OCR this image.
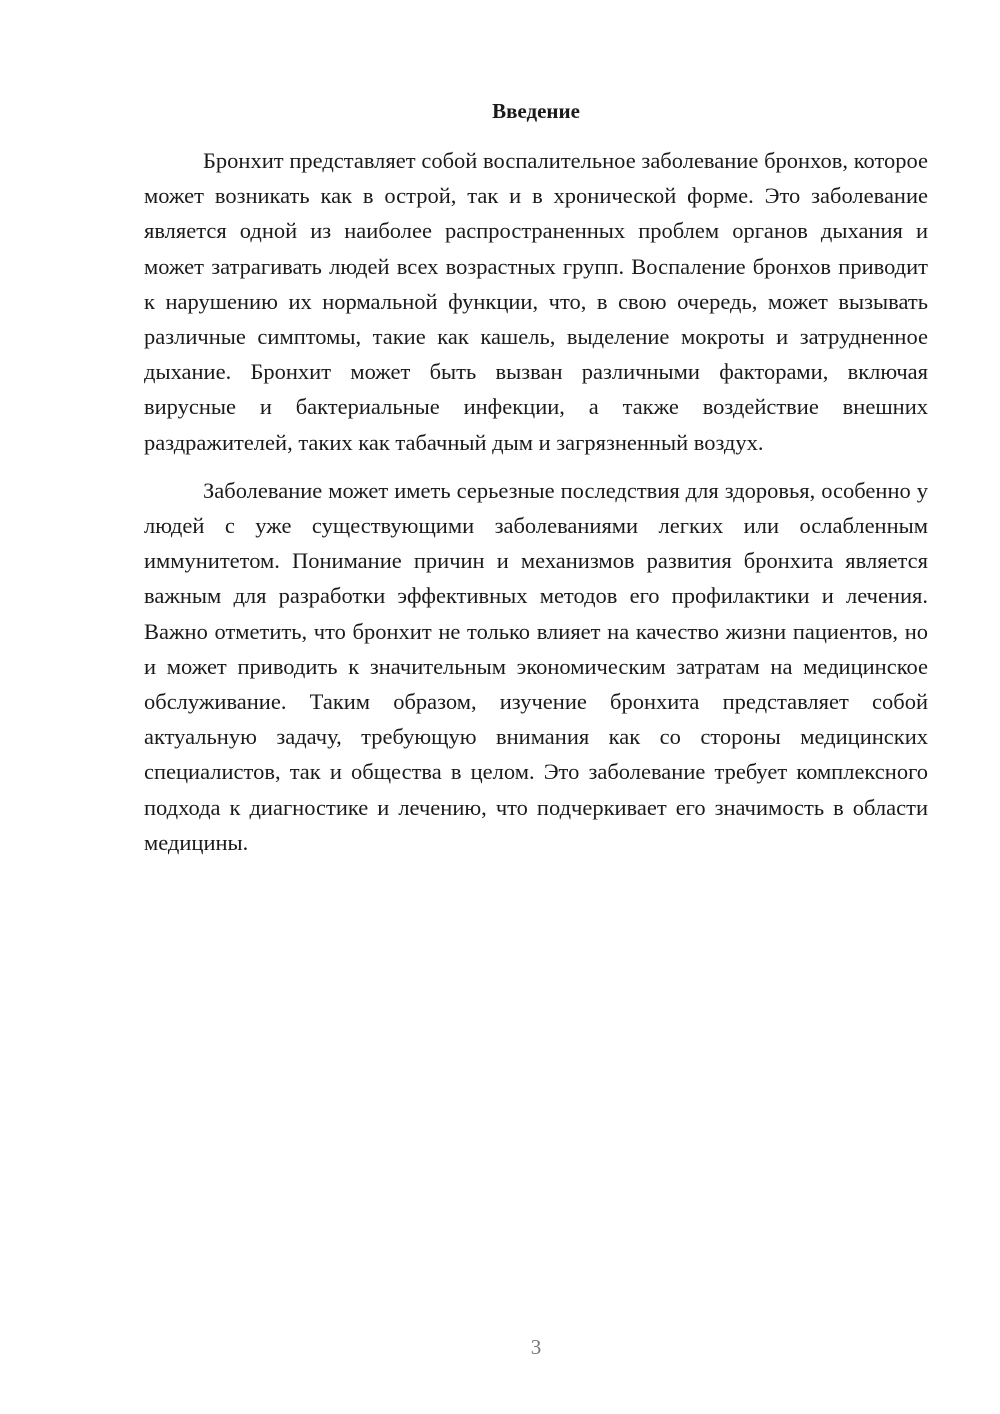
Введение

Бронхит представляет собой воспалительное заболевание бронхов, которое может возникать как в острой, так и в хронической форме. Это заболевание является одной из наиболее распространенных проблем органов дыхания и может затрагивать людей всех возрастных групп. Воспаление бронхов приводит к нарушению их нормальной функции, что, в свою очередь, может вызывать различные симптомы, такие как кашель, выделение мокроты и затрудненное дыхание. Бронхит может быть вызван различными факторами, включая вирусные и бактериальные инфекции, а также воздействие внешних раздражителей, таких как табачный дым и загрязненный воздух.

Заболевание может иметь серьезные последствия для здоровья, особенно у людей с уже существующими заболеваниями легких или ослабленным иммунитетом. Понимание причин и механизмов развития бронхита является важным для разработки эффективных методов его профилактики и лечения. Важно отметить, что бронхит не только влияет на качество жизни пациентов, но и может приводить к значительным экономическим затратам на медицинское обслуживание. Таким образом, изучение бронхита представляет собой актуальную задачу, требующую внимания как со стороны медицинских специалистов, так и общества в целом. Это заболевание требует комплексного подхода к диагностике и лечению, что подчеркивает его значимость в области медицины.

3
